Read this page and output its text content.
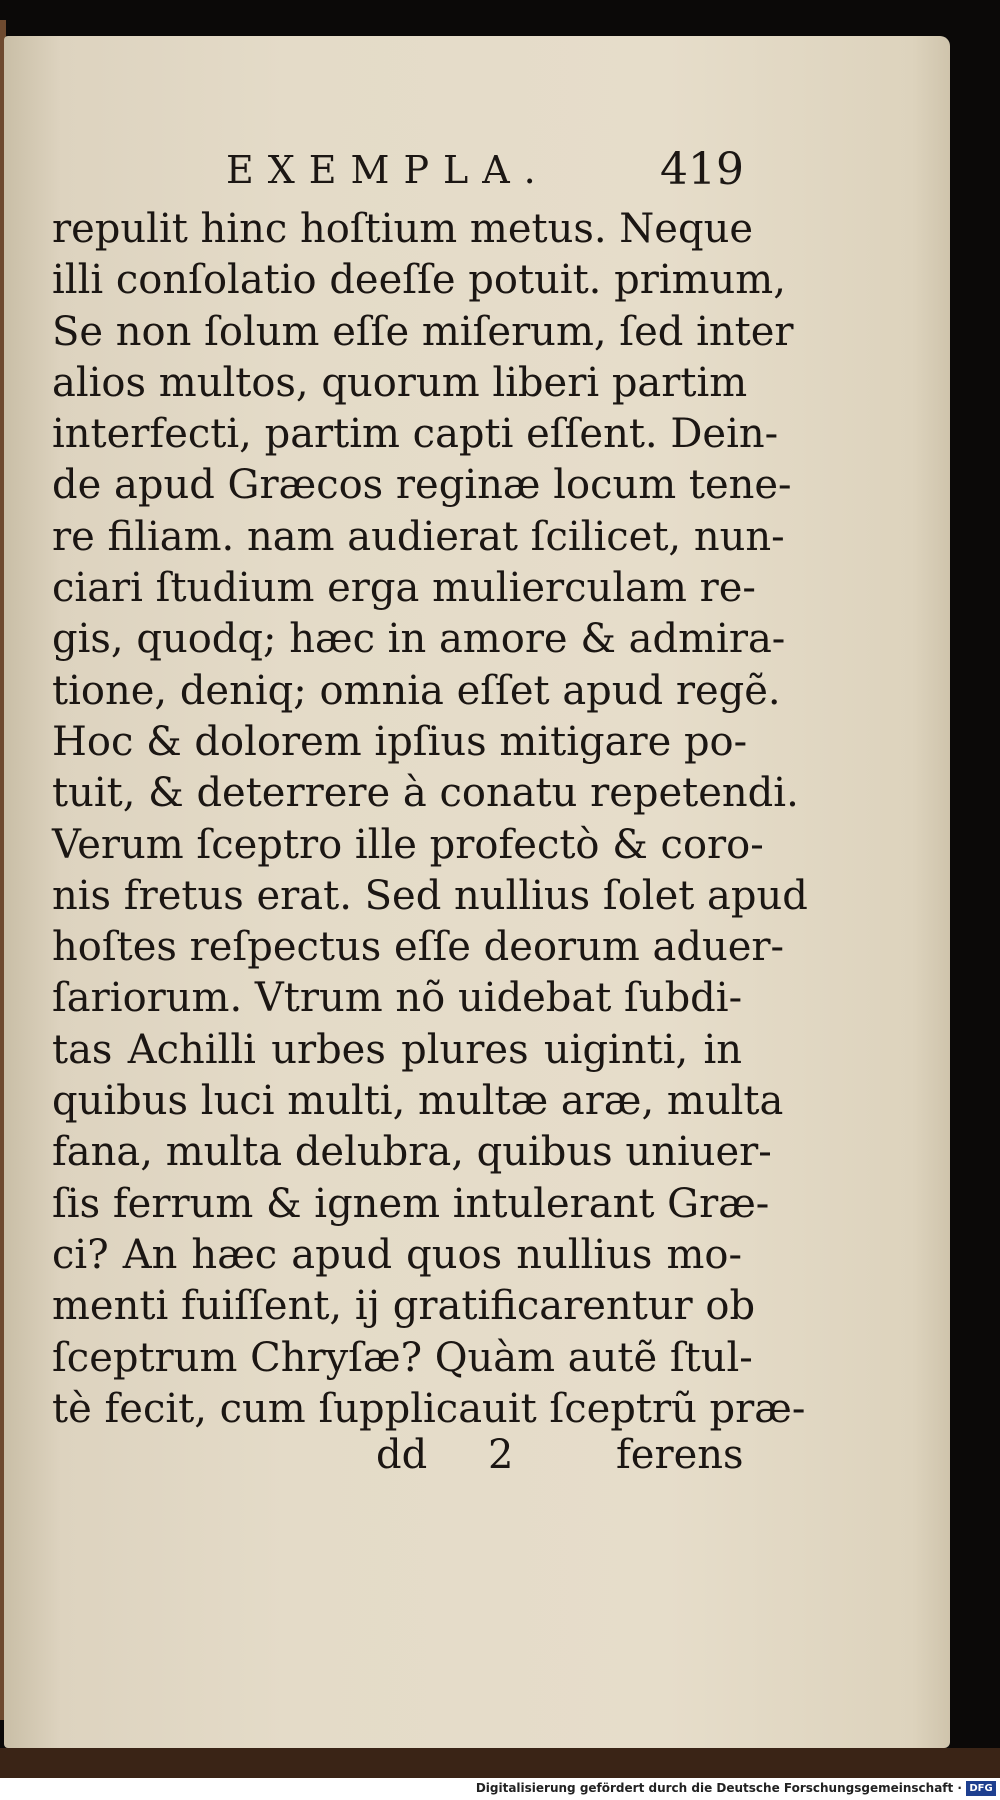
EXEMPLA.	419
repulit hinc hoſtium metus. Neque
illi conſolatio deeſſe potuit. primum,
Se non ſolum eſſe miſerum, ſed inter
alios multos, quorum liberi partim
interfecti, partim capti eſſent. Dein-
de apud Græcos reginæ locum tene-
re filiam. nam audierat ſcilicet, nun-
ciari ſtudium erga mulierculam re-
gis, quodq; hæc in amore & admira-
tione, deniq; omnia eſſet apud regẽ.
Hoc & dolorem ipſius mitigare po-
tuit, & deterrere à conatu repetendi.
Verum ſceptro ille profectò & coro-
nis fretus erat. Sed nullius ſolet apud
hoſtes reſpectus eſſe deorum aduer-
ſariorum. Vtrum nõ uidebat ſubdi-
tas Achilli urbes plures uiginti, in
quibus luci multi, multæ aræ, multa
fana, multa delubra, quibus uniuer-
ſis ferrum & ignem intulerant Græ-
ci? An hæc apud quos nullius mo-
menti fuiſſent, ij gratificarentur ob
ſceptrum Chryſæ? Quàm autẽ ſtul-
tè fecit, cum ſupplicauit ſceptrũ præ-
dd 2	ferens
Digitalisierung gefördert durch die Deutsche Forschungsgemeinschaft · DFG
